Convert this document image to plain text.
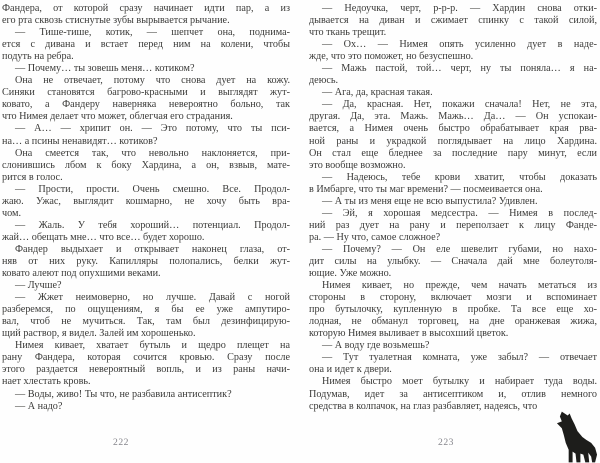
Фандера, от которой сразу начинает идти пар, а из
его рта сквозь стиснутые зубы вырывается рычание.
— Тише-тише, котик, — шепчет она, поднима-
ется с дивана и встает перед ним на колени, чтобы
подуть на ребра.
— Почему… ты зовешь меня… котиком?
Она не отвечает, потому что снова дует на кожу.
Синяки становятся багрово-красными и выглядят жут-
ковато, а Фандеру наверняка невероятно больно, так
что Нимея делает что может, облегчая его страдания.
— А… — хрипит он. — Это потому, что ты пси-
на… а псины ненавидят… котиков?
Она смеется так, что невольно наклоняется, при-
слонившись лбом к боку Хардина, а он, взвыв, мате-
рится в голос.
— Прости, прости. Очень смешно. Все. Продол-
жаю. Ужас, выглядит кошмарно, не хочу быть вра-
чом.
— Жаль. У тебя хороший… потенциал. Продол-
жай… обещать мне… что все… будет хорошо.
Фандер выдыхает и открывает наконец глаза, от-
няв от них руку. Капилляры полопались, белки жут-
ковато алеют под опухшими веками.
— Лучше?
— Жжет неимоверно, но лучше. Давай с ногой
разберемся, по ощущениям, я бы ее уже ампутиро-
вал, чтоб не мучиться. Так, там был дезинфицирую-
щий раствор, я видел. Залей им хорошенько.
Нимея кивает, хватает бутыль и щедро плещет на
рану Фандера, которая сочится кровью. Сразу после
этого раздается невероятный вопль, и из раны начи-
нает хлестать кровь.
— Воды, живо! Ты что, не разбавила антисептик?
— А надо?
— Недоучка, черт, р-р-р. — Хардин снова отки-
дывается на диван и сжимает спинку с такой силой,
что ткань трещит.
— Ох… — Нимея опять усиленно дует в наде-
жде, что это поможет, но безуспешно.
— Мажь пастой, той… черт, ну ты поняла… я на-
деюсь.
— Ага, да, красная такая.
— Да, красная. Нет, покажи сначала! Нет, не эта,
другая. Да, эта. Мажь. Мажь… Да… — Он успокаи-
вается, а Нимея очень быстро обрабатывает края рва-
ной раны и украдкой поглядывает на лицо Хардина.
Он стал еще бледнее за последние пару минут, если
это вообще возможно.
— Надеюсь, тебе крови хватит, чтобы доказать
в Имбарге, что ты маг времени? — посмеивается она.
— А ты из меня еще не всю выпустила? Удивлен.
— Эй, я хорошая медсестра. — Нимея в послед-
ний раз дует на рану и переползает к лицу Фанде-
ра. — Ну что, самое сложное?
— Почему? — Он еле шевелит губами, но нахо-
дит силы на улыбку. — Сначала дай мне болеутоля-
ющие. Уже можно.
Нимея кивает, но прежде, чем начать метаться из
стороны в сторону, включает мозги и вспоминает
про бутылочку, купленную в пробке. Та все еще хо-
лодная, не обманул торговец, на дне оранжевая жижа,
которую Нимея выливает в высохший цветок.
— А воду где возьмешь?
— Тут туалетная комната, уже забыл? — отвечает
она и идет к двери.
Нимея быстро моет бутылку и набирает туда воды.
Подумав, идет за антисептиком и, отлив немного
средства в колпачок, на глаз разбавляет, надеясь, что
222	223
